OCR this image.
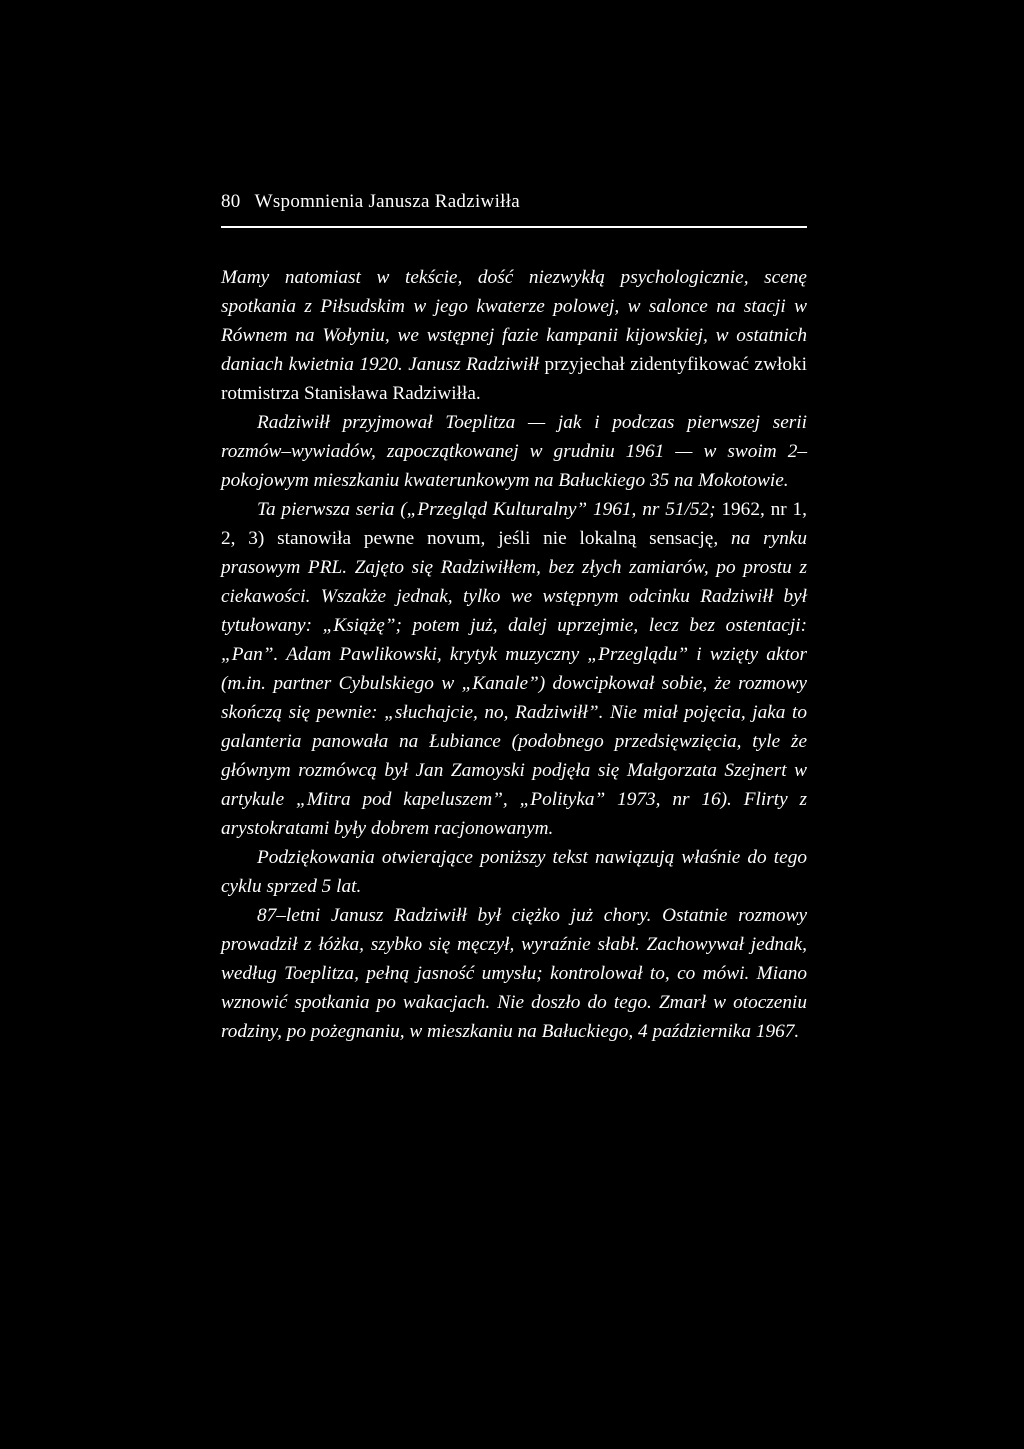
80 Wspomnienia Janusza Radziwiłła

Mamy natomiast w tekście, dość niezwykłą psychologicznie, scenę spotkania z Piłsudskim w jego kwaterze polowej, w salonce na stacji w Równem na Wołyniu, we wstępnej fazie kampanii kijowskiej, w ostatnich daniach kwietnia 1920. Janusz Radziwiłł przyjechał zidentyfikować zwłoki rotmistrza Stanisława Radziwiłła.

Radziwiłł przyjmował Toeplitza — jak i podczas pierwszej serii rozmów–wywiadów, zapoczątkowanej w grudniu 1961 — w swoim 2–pokojowym mieszkaniu kwaterunkowym na Bałuckiego 35 na Mokotowie.

Ta pierwsza seria („Przegląd Kulturalny” 1961, nr 51/52; 1962, nr 1, 2, 3) stanowiła pewne novum, jeśli nie lokalną sensację, na rynku prasowym PRL. Zajęto się Radziwiłłem, bez złych zamiarów, po prostu z ciekawości. Wszakże jednak, tylko we wstępnym odcinku Radziwiłł był tytułowany: „Książę”; potem już, dalej uprzejmie, lecz bez ostentacji: „Pan”. Adam Pawlikowski, krytyk muzyczny „Przeglądu” i wzięty aktor (m.in. partner Cybulskiego w „Kanale”) dowcipkował sobie, że rozmowy skończą się pewnie: „słuchajcie, no, Radziwiłł”. Nie miał pojęcia, jaka to galanteria panowała na Łubiance (podobnego przedsięwzięcia, tyle że głównym rozmówcą był Jan Zamoyski podjęła się Małgorzata Szejnert w artykule „Mitra pod kapeluszem”, „Polityka” 1973, nr 16). Flirty z arystokratami były dobrem racjonowanym.

Podziękowania otwierające poniższy tekst nawiązują właśnie do tego cyklu sprzed 5 lat.

87–letni Janusz Radziwiłł był ciężko już chory. Ostatnie rozmowy prowadził z łóżka, szybko się męczył, wyraźnie słabł. Zachowywał jednak, według Toeplitza, pełną jasność umysłu; kontrolował to, co mówi. Miano wznowić spotkania po wakacjach. Nie doszło do tego. Zmarł w otoczeniu rodziny, po pożegnaniu, w mieszkaniu na Bałuckiego, 4 października 1967.
